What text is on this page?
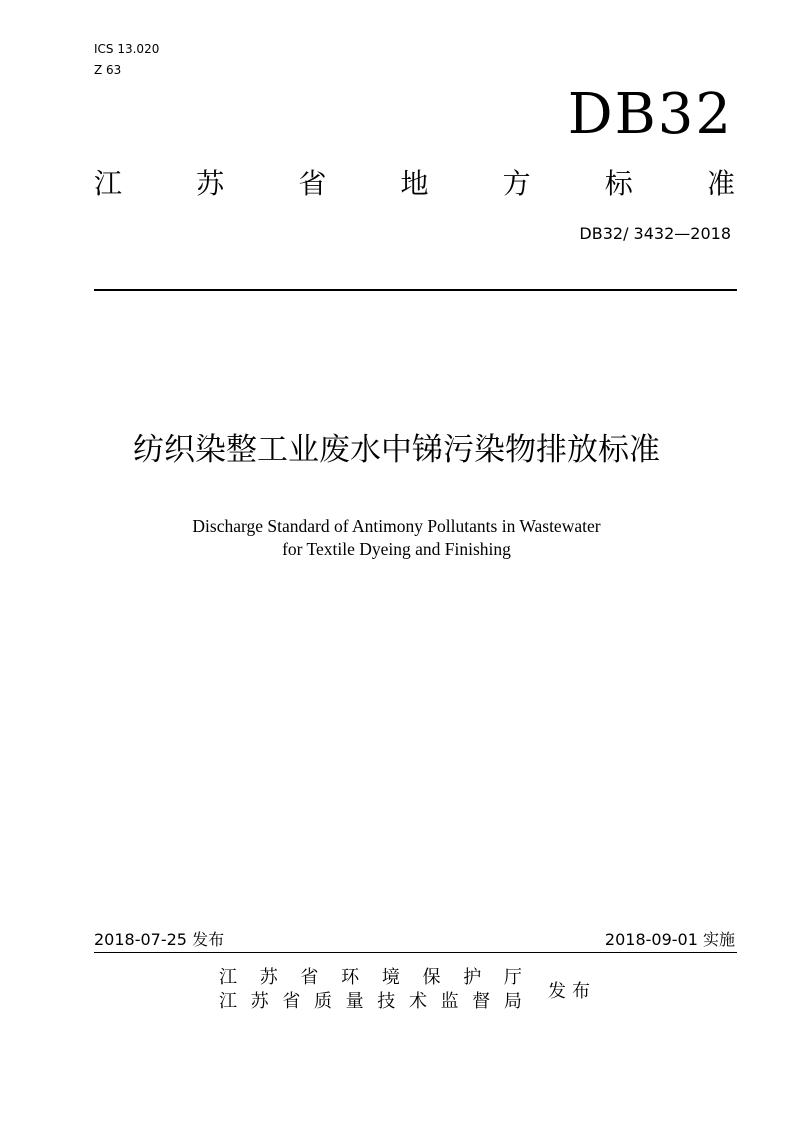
ICS 13.020
Z 63
DB32
江	苏	省	地	方	标	准
DB32/ 3432—2018
纺织染整工业废水中锑污染物排放标准
Discharge Standard of Antimony Pollutants in Wastewater
for Textile Dyeing and Finishing
2018-07-25 发布	2018-09-01 实施
江 苏 省 环 境 保 护 厅
江 苏 省 质 量 技 术 监 督 局 发布
